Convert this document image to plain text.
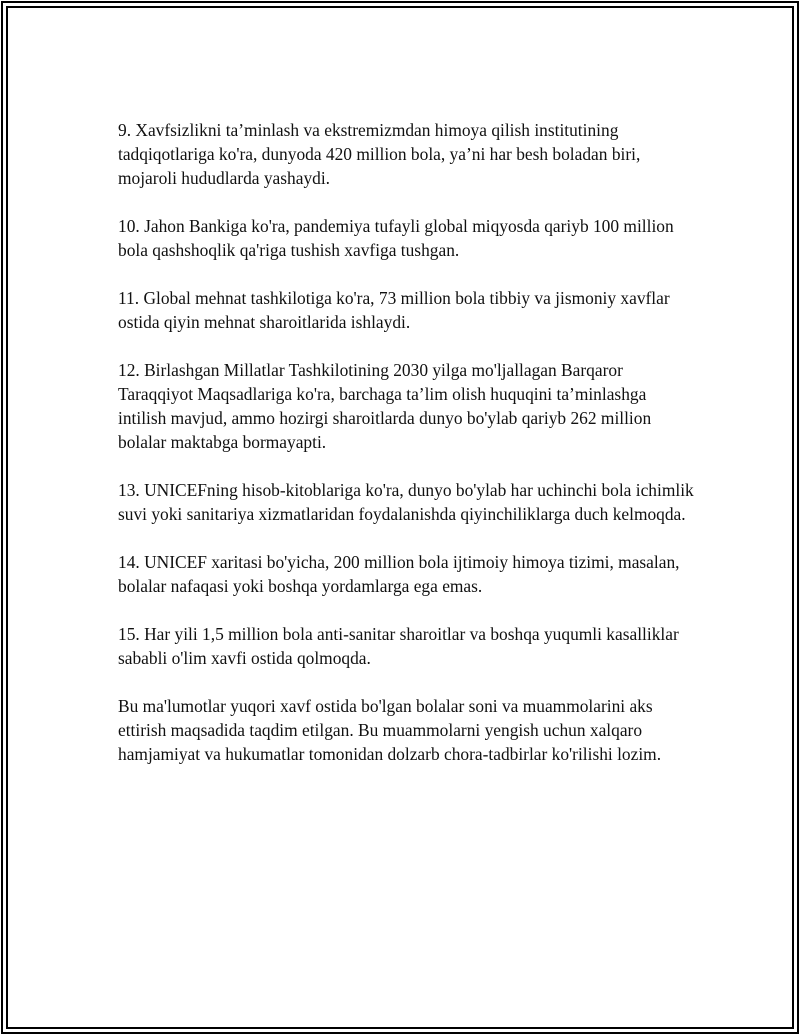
9. Xavfsizlikni ta’minlash va ekstremizmdan himoya qilish institutining tadqiqotlariga ko'ra, dunyoda 420 million bola, ya’ni har besh boladan biri, mojaroli hududlarda yashaydi.

10. Jahon Bankiga ko'ra, pandemiya tufayli global miqyosda qariyb 100 million bola qashshoqlik qa'riga tushish xavfiga tushgan.

11. Global mehnat tashkilotiga ko'ra, 73 million bola tibbiy va jismoniy xavflar ostida qiyin mehnat sharoitlarida ishlaydi.

12. Birlashgan Millatlar Tashkilotining 2030 yilga mo'ljallagan Barqaror Taraqqiyot Maqsadlariga ko'ra, barchaga ta’lim olish huquqini ta’minlashga intilish mavjud, ammo hozirgi sharoitlarda dunyo bo'ylab qariyb 262 million bolalar maktabga bormayapti.

13. UNICEFning hisob-kitoblariga ko'ra, dunyo bo'ylab har uchinchi bola ichimlik suvi yoki sanitariya xizmatlaridan foydalanishda qiyinchiliklarga duch kelmoqda.

14. UNICEF xaritasi bo'yicha, 200 million bola ijtimoiy himoya tizimi, masalan, bolalar nafaqasi yoki boshqa yordamlarga ega emas.

15. Har yili 1,5 million bola anti-sanitar sharoitlar va boshqa yuqumli kasalliklar sababli o'lim xavfi ostida qolmoqda.

Bu ma'lumotlar yuqori xavf ostida bo'lgan bolalar soni va muammolarini aks ettirish maqsadida taqdim etilgan. Bu muammolarni yengish uchun xalqaro hamjamiyat va hukumatlar tomonidan dolzarb chora-tadbirlar ko'rilishi lozim.
